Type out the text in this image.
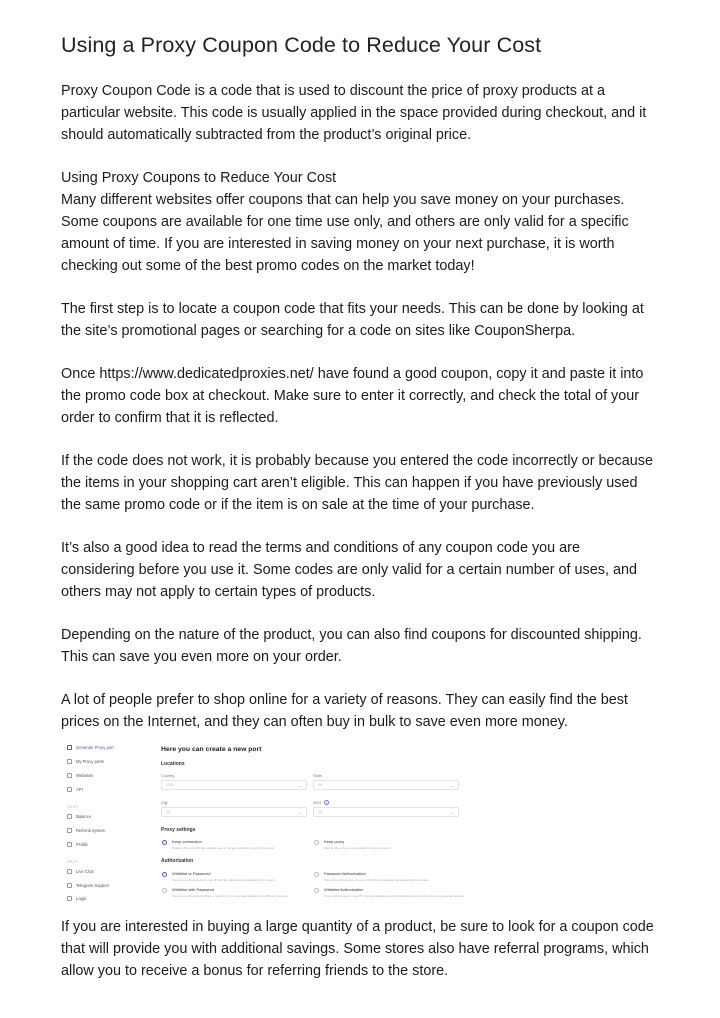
Using a Proxy Coupon Code to Reduce Your Cost
Proxy Coupon Code is a code that is used to discount the price of proxy products at a
particular website. This code is usually applied in the space provided during checkout, and it
should automatically subtracted from the product’s original price.
Using Proxy Coupons to Reduce Your Cost
Many different websites offer coupons that can help you save money on your purchases.
Some coupons are available for one time use only, and others are only valid for a specific
amount of time. If you are interested in saving money on your next purchase, it is worth
checking out some of the best promo codes on the market today!
The first step is to locate a coupon code that fits your needs. This can be done by looking at
the site’s promotional pages or searching for a code on sites like CouponSherpa.
Once https://www.dedicatedproxies.net/ have found a good coupon, copy it and paste it into
the promo code box at checkout. Make sure to enter it correctly, and check the total of your
order to confirm that it is reflected.
If the code does not work, it is probably because you entered the code incorrectly or because
the items in your shopping cart aren’t eligible. This can happen if you have previously used
the same promo code or if the item is on sale at the time of your purchase.
It’s also a good idea to read the terms and conditions of any coupon code you are
considering before you use it. Some codes are only valid for a certain number of uses, and
others may not apply to certain types of products.
Depending on the nature of the product, you can also find coupons for discounted shipping.
This can save you even more on your order.
A lot of people prefer to shop online for a variety of reasons. They can easily find the best
prices on the Internet, and they can often buy in bulk to save even more money.
Generate Proxy port
My Proxy ports
Websites
API
USER
Balance
Referral system
Profile
HELP
Live Chat
Telegram Support
Login
Here you can create a new port
Locations
Country
USA	⌄
State
All	⌄
City
All	⌄
ASN	i
All	⌄
Proxy settings
Keep connection
Rotation Proxies with the possible one in the geo position in every 5 seconds
Keep proxy
Wait for the proxy to be replaced in a few seconds
Authorization
Whitelist or Password
Your proxy will operate on your IP with the password generated by the system
Password Authorization
Your proxy will operate on every IP with the password generated by the system
Whitelist with Password
Your proxy will operate either on your IP or by generated password on different devices
Whitelist Authorization
Proxy will operate on your IP. You can indicate a few IP addresses and use the proxy on separate devices
If you are interested in buying a large quantity of a product, be sure to look for a coupon code
that will provide you with additional savings. Some stores also have referral programs, which
allow you to receive a bonus for referring friends to the store.
